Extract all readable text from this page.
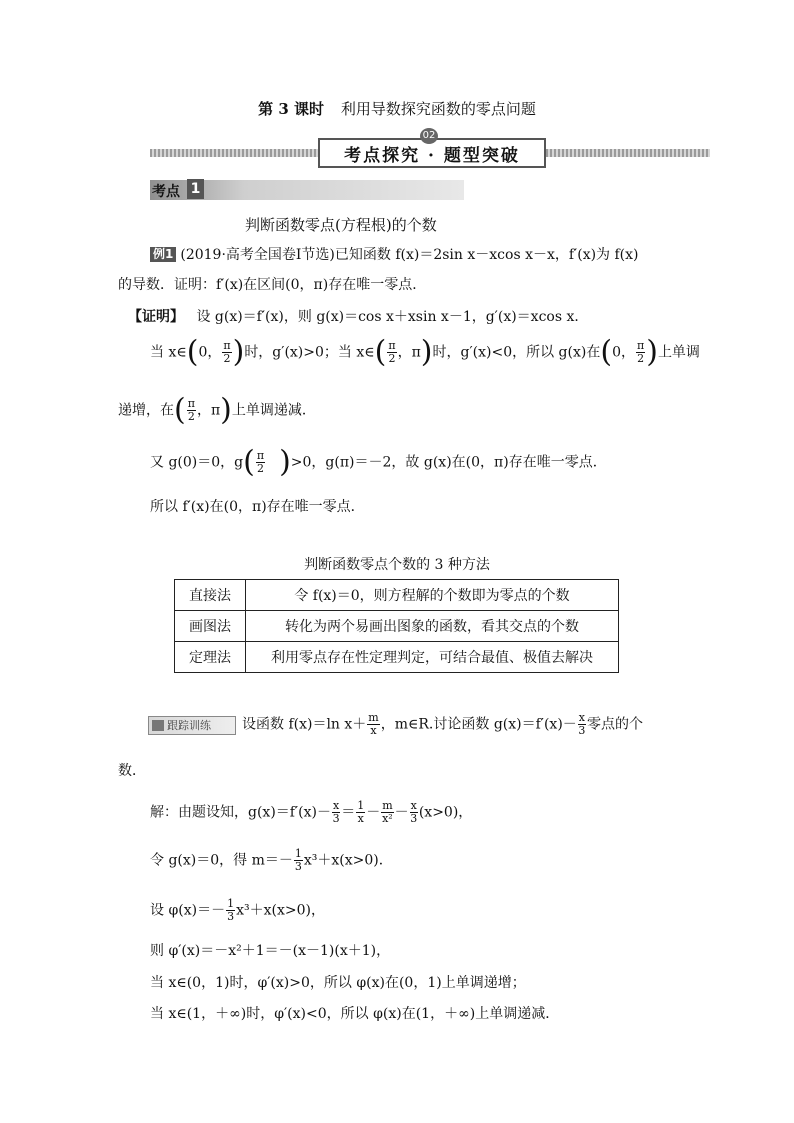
第 3 课时 利用导数探究函数的零点问题
考点探究 · 题型突破
02
考点 1
判断函数零点(方程根)的个数
例1 (2019·高考全国卷Ⅰ节选)已知函数 f(x)＝2sin x－xcos x－x，f′(x)为 f(x)
的导数．证明：f′(x)在区间(0，π)存在唯一零点．
【证明】 设 g(x)＝f′(x)，则 g(x)＝cos x＋xsin x－1，g′(x)＝xcos x．
当 x∈(0， $\frac{\pi}{2}$ )时，g′(x)>0；当 x∈( $\frac{\pi}{2}$ ，π)时，g′(x)<0，所以 g(x)在(0， $\frac{\pi}{2}$ )上单调
递增，在( $\frac{\pi}{2}$ ，π)上单调递减．
又 g(0)＝0，$g( \frac{\pi}{2} )>0$，g(π)＝－2，故 g(x)在(0，π)存在唯一零点．
所以 f′(x)在(0，π)存在唯一零点．
判断函数零点个数的 3 种方法
直接法	令 f(x)＝0，则方程解的个数即为零点的个数
画图法	转化为两个易画出图象的函数，看其交点的个数
定理法	利用零点存在性定理判定，可结合最值、极值去解决
跟踪训练	设函数 f(x)＝ln $x+ \frac{m}{x}$ ，m∈R.讨论函数 $g(x)=f'(x)- \frac{x}{3}$ 零点的个
数．
解：由题设知，$g(x)=f'(x)- \frac{x}{3} = \frac{1}{x} - \frac{m}{\text{x²}} - \frac{x}{3} (x>0)$，
令 g(x)＝0，得 $m=- \frac{1}{3} x^3+x(x>0)$．
设 $\varphi(x)=- \frac{1}{3} x^3+x(x>0)$，
则 φ′(x)＝－x²＋1＝－(x－1)(x＋1)，
当 x∈(0，1)时，φ′(x)>0，所以 φ(x)在(0，1)上单调递增；
当 x∈(1，＋∞)时，φ′(x)<0，所以 φ(x)在(1，＋∞)上单调递减．
